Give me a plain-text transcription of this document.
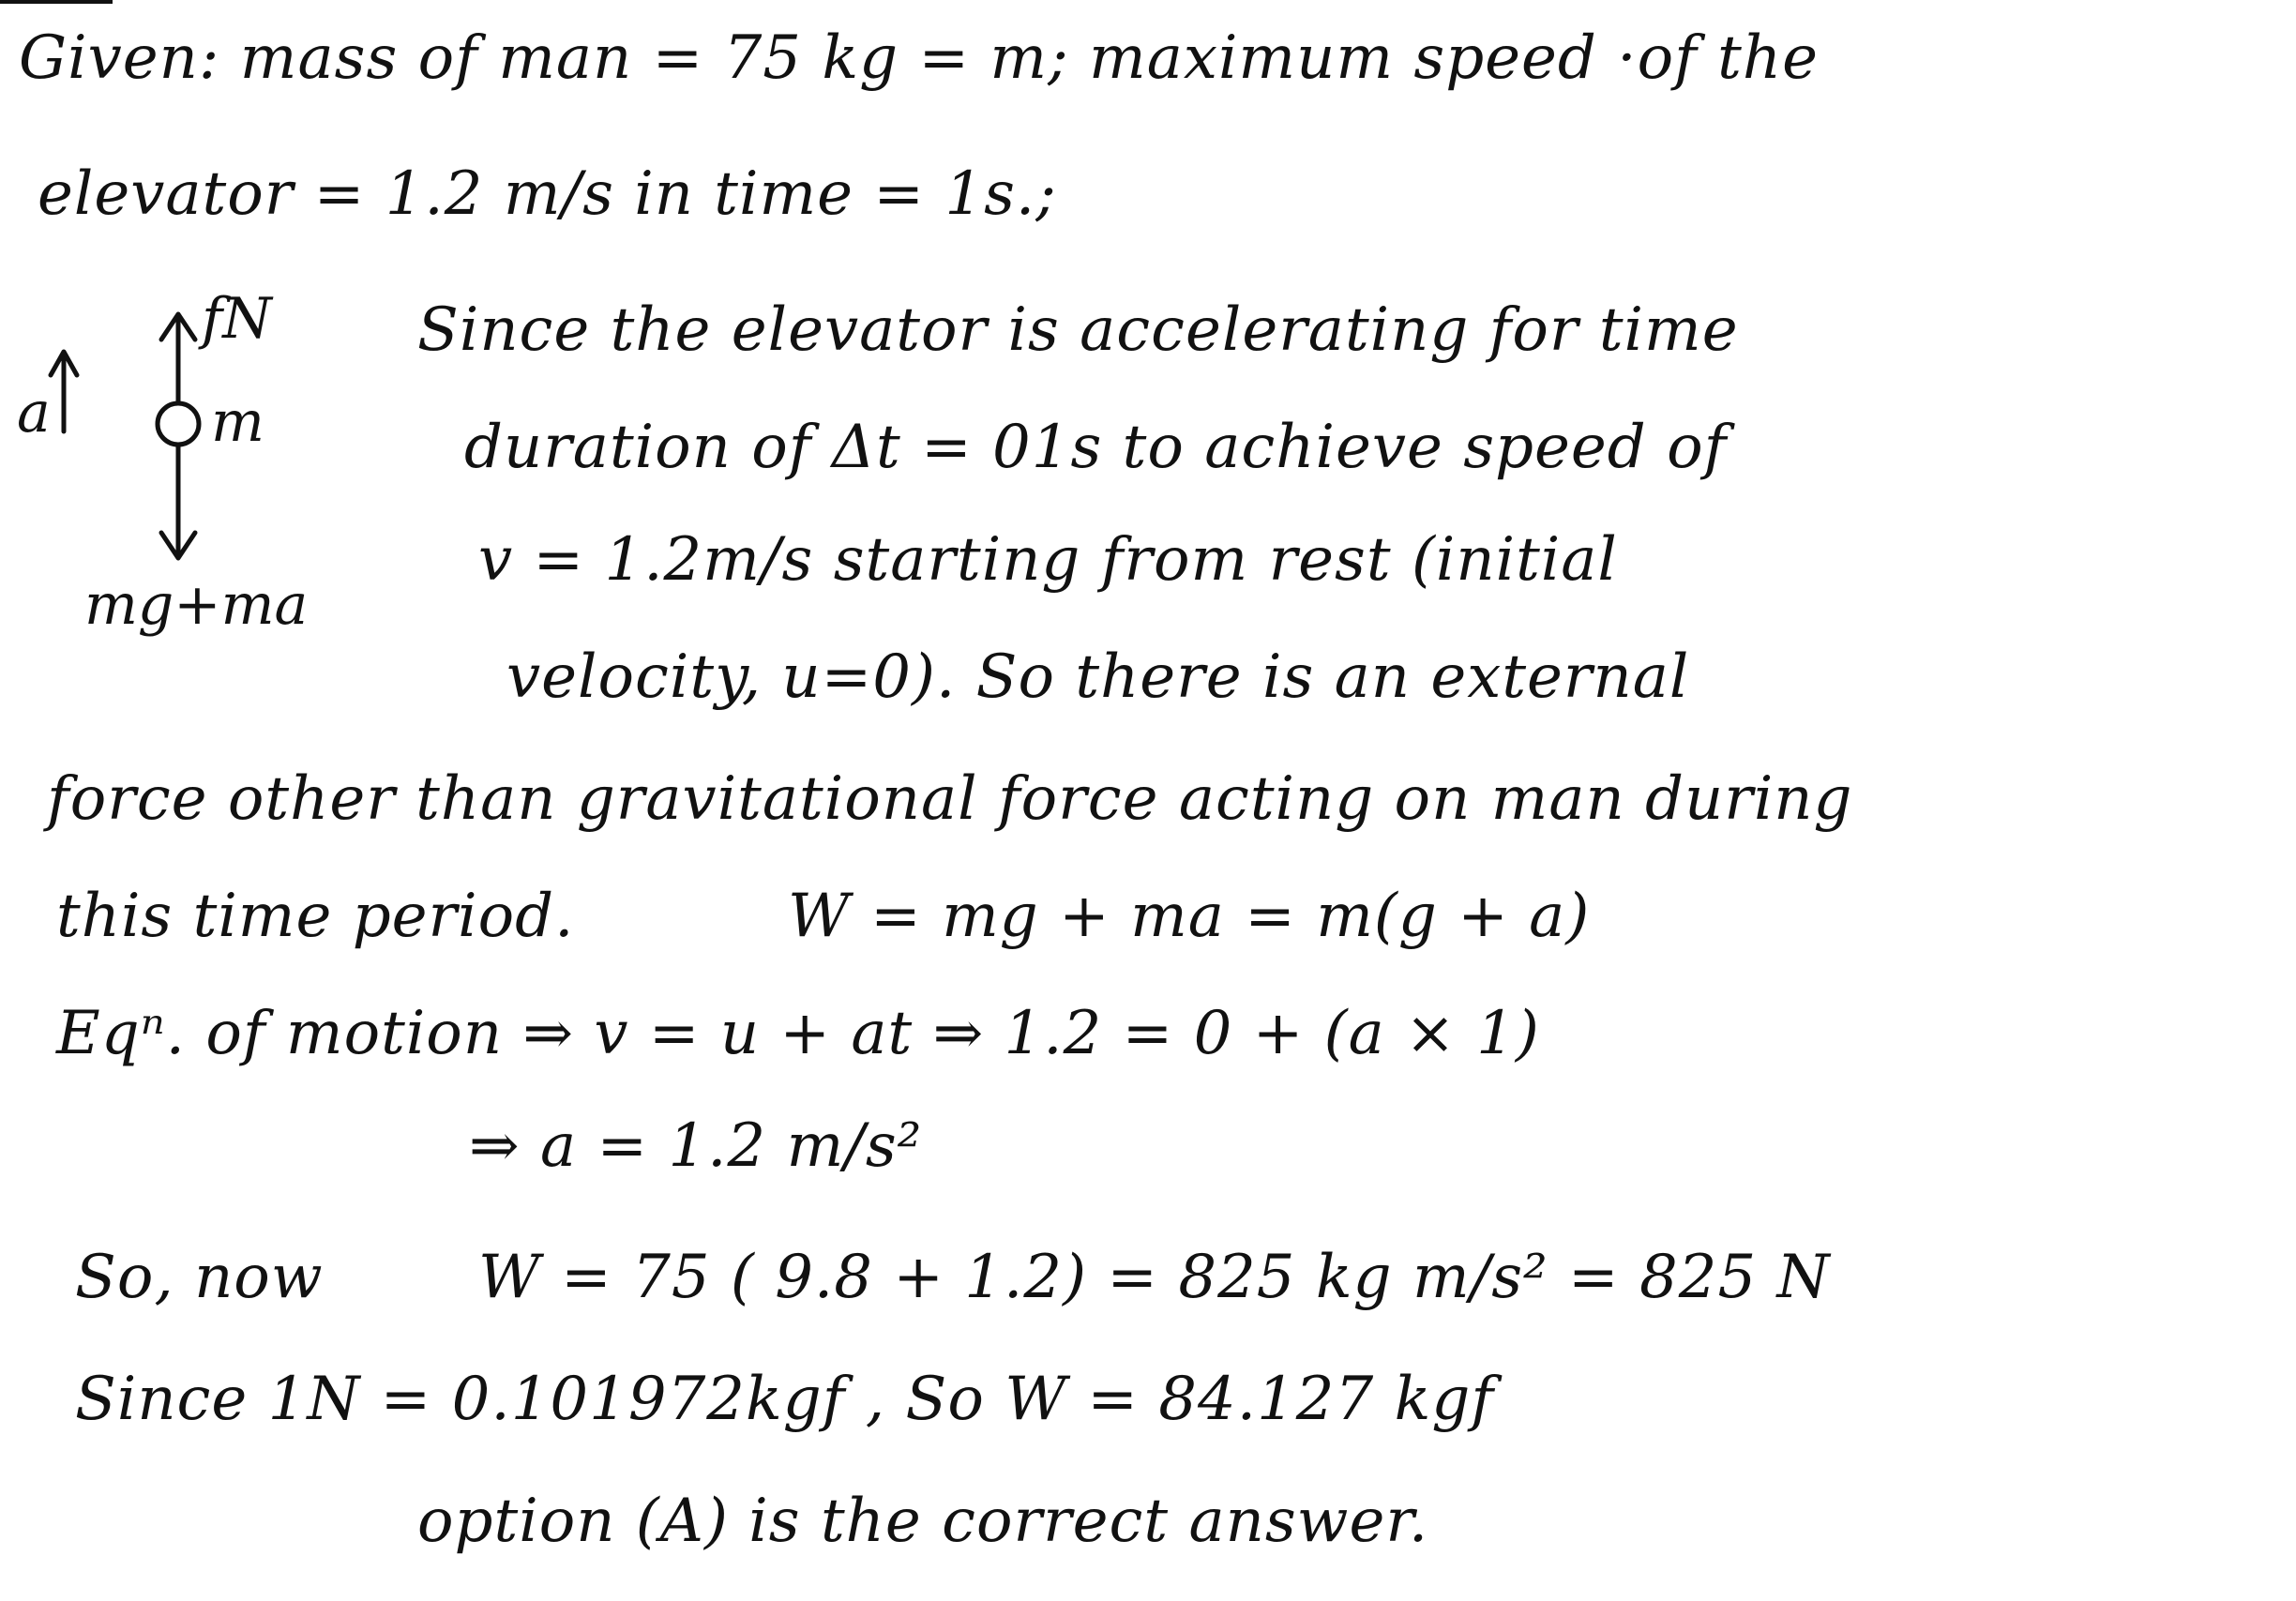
Given: mass of man = 75 kg = m; maximum speed ·of the
elevator = 1.2 m/s in time = 1s.;
fN
a	m
mg+ma
Since the elevator is accelerating for time
duration of Δt = 01s to achieve speed of
v = 1.2m/s starting from rest (initial
velocity, u=0). So there is an external
force other than gravitational force acting on man during
this time period.	W = mg + ma = m(g + a)
Eqⁿ. of motion ⇒ v = u + at ⇒ 1.2 = 0 + (a × 1)
⇒ a = 1.2 m/s²
So, now	W = 75 ( 9.8 + 1.2) = 825 kg m/s² = 825 N
Since 1N = 0.101972kgf , So W = 84.127 kgf
option (A) is the correct answer.
